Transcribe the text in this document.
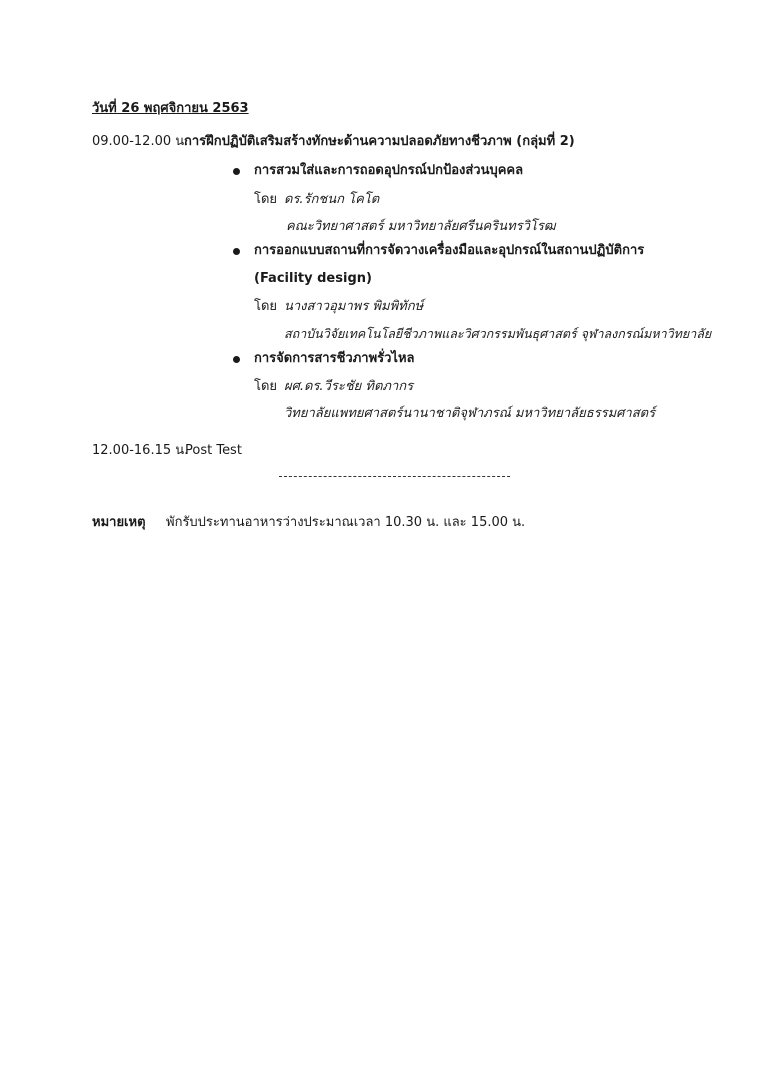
วันที่ 26 พฤศจิกายน 2563
09.00-12.00 น.
การฝึกปฏิบัติเสริมสร้างทักษะด้านความปลอดภัยทางชีวภาพ (กลุ่มที่ 2)
การสวมใส่และการถอดอุปกรณ์ปกป้องส่วนบุคคล
โดย ดร.รักชนก โคโต
คณะวิทยาศาสตร์ มหาวิทยาลัยศรีนครินทรวิโรฒ
การออกแบบสถานที่การจัดวางเครื่องมือและอุปกรณ์ในสถานปฏิบัติการ
(Facility design)
โดย นางสาวอุมาพร พิมพิทักษ์
สถาบันวิจัยเทคโนโลยีชีวภาพและวิศวกรรมพันธุศาสตร์ จุฬาลงกรณ์มหาวิทยาลัย
การจัดการสารชีวภาพรั่วไหล
โดย ผศ.ดร.วีระชัย ทิตภากร
วิทยาลัยแพทยศาสตร์นานาชาติจุฬาภรณ์ มหาวิทยาลัยธรรมศาสตร์
12.00-16.15 น.
Post Test
หมายเหตุ พักรับประทานอาหารว่างประมาณเวลา 10.30 น. และ 15.00 น.
